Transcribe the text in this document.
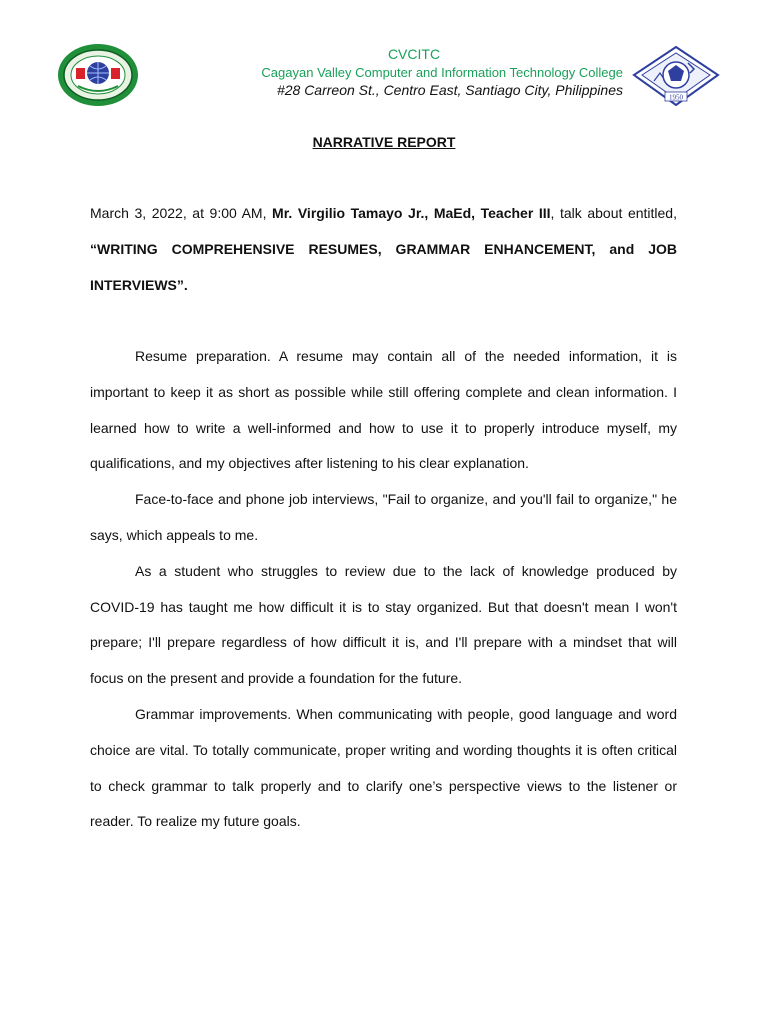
1950
CVCITC
Cagayan Valley Computer and Information Technology College
#28 Carreon St., Centro East, Santiago City, Philippines
NARRATIVE REPORT

March 3, 2022, at 9:00 AM, Mr. Virgilio Tamayo Jr., MaEd, Teacher III, talk about entitled, “WRITING COMPREHENSIVE RESUMES, GRAMMAR ENHANCEMENT, and JOB INTERVIEWS”.

Resume preparation. A resume may contain all of the needed information, it is important to keep it as short as possible while still offering complete and clean information. I learned how to write a well-informed and how to use it to properly introduce myself, my qualifications, and my objectives after listening to his clear explanation.

Face-to-face and phone job interviews, "Fail to organize, and you'll fail to organize," he says, which appeals to me.

As a student who struggles to review due to the lack of knowledge produced by COVID-19 has taught me how difficult it is to stay organized. But that doesn't mean I won't prepare; I'll prepare regardless of how difficult it is, and I'll prepare with a mindset that will focus on the present and provide a foundation for the future.

Grammar improvements. When communicating with people, good language and word choice are vital. To totally communicate, proper writing and wording thoughts it is often critical to check grammar to talk properly and to clarify one’s perspective views to the listener or reader. To realize my future goals.
